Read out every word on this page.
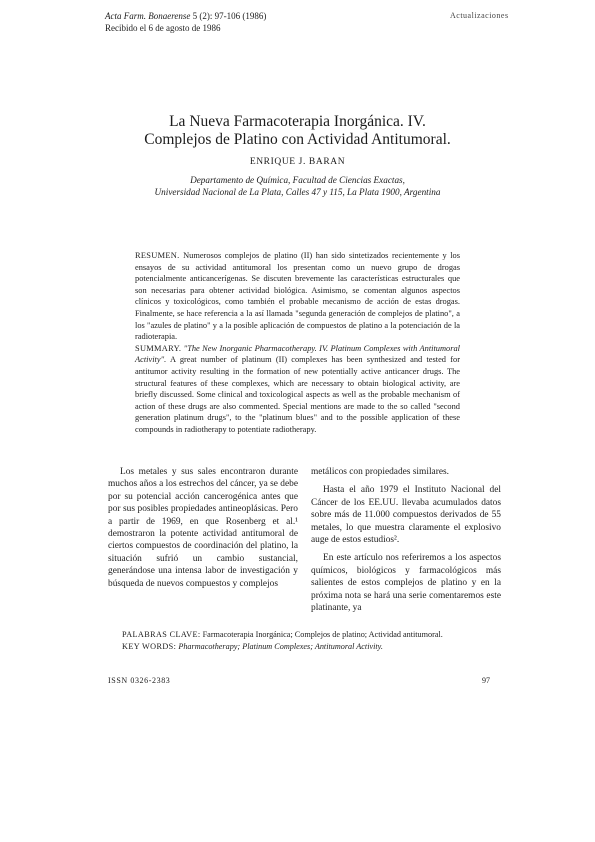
Acta Farm. Bonaerense 5 (2): 97-106 (1986)
Recibido el 6 de agosto de 1986
Actualizaciones
La Nueva Farmacoterapia Inorgánica. IV.
Complejos de Platino con Actividad Antitumoral.
ENRIQUE J. BARAN
Departamento de Química, Facultad de Ciencias Exactas,
Universidad Nacional de La Plata, Calles 47 y 115, La Plata 1900, Argentina

RESUMEN. Numerosos complejos de platino (II) han sido sintetizados recientemente y los ensayos de su actividad antitumoral los presentan como un nuevo grupo de drogas potencialmente anticancerígenas. Se discuten brevemente las características estructurales que son necesarias para obtener actividad biológica. Asimismo, se comentan algunos aspectos clínicos y toxicológicos, como también el probable mecanismo de acción de estas drogas. Finalmente, se hace referencia a la así llamada "segunda generación de complejos de platino", a los "azules de platino" y a la posible aplicación de compuestos de platino a la potenciación de la radioterapia.

SUMMARY. "The New Inorganic Pharmacotherapy. IV. Platinum Complexes with Antitumoral Activity". A great number of platinum (II) complexes has been synthesized and tested for antitumor activity resulting in the formation of new potentially active anticancer drugs. The structural features of these complexes, which are necessary to obtain biological activity, are briefly discussed. Some clinical and toxicological aspects as well as the probable mechanism of action of these drugs are also commented. Special mentions are made to the so called "second generation platinum drugs", to the "platinum blues" and to the possible application of these compounds in radiotherapy to potentiate radiotherapy.

Los metales y sus sales encontraron durante muchos años a los estrechos del cáncer, ya se debe por su potencial acción cancerogénica antes que por sus posibles propiedades antineoplásicas. Pero a partir de 1969, en que Rosenberg et al.¹ demostraron la potente actividad antitumoral de ciertos compuestos de coordinación del platino, la situación sufrió un cambio sustancial, generándose una intensa labor de investigación y búsqueda de nuevos compuestos y complejos

metálicos con propiedades similares.

Hasta el año 1979 el Instituto Nacional del Cáncer de los EE.UU. llevaba acumulados datos sobre más de 11.000 compuestos derivados de 55 metales, lo que muestra claramente el explosivo auge de estos estudios².

En este artículo nos referiremos a los aspectos químicos, biológicos y farmacológicos más salientes de estos complejos de platino y en la próxima nota se hará una serie comentaremos este platinante, ya

PALABRAS CLAVE: Farmacoterapia Inorgánica; Complejos de platino; Actividad antitumoral.
KEY WORDS: Pharmacotherapy; Platinum Complexes; Antitumoral Activity.
ISSN 0326-2383	97
